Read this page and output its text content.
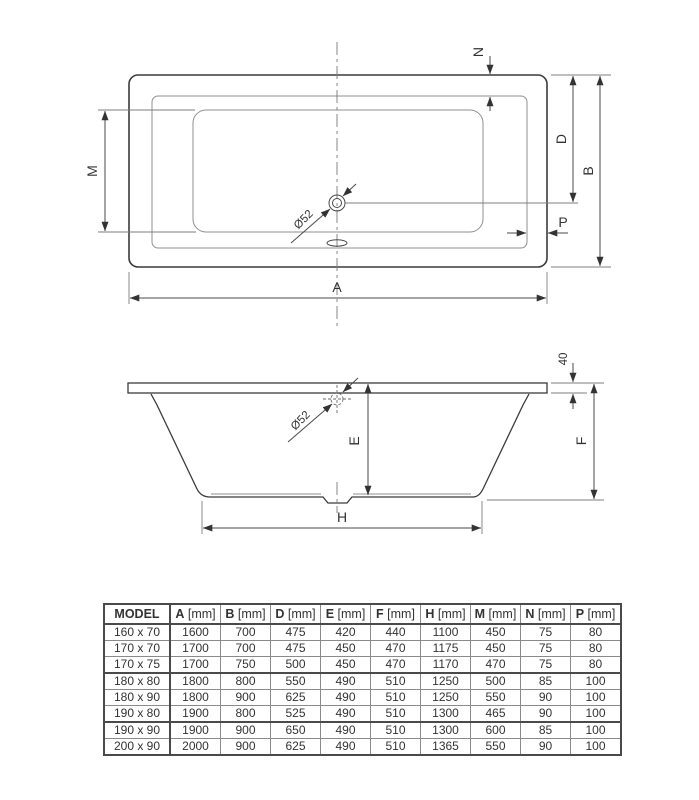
Ø52
A
B
D
M
N
P
Ø52
E
40
F
H
MODEL	A [mm]	B [mm]	D [mm]	E [mm]	F [mm]	H [mm]	M [mm]	N [mm]	P [mm]
160 x 70	1600	700	475	420	440	1100	450	75	80
170 x 70	1700	700	475	450	470	1175	450	75	80
170 x 75	1700	750	500	450	470	1170	470	75	80
180 x 80	1800	800	550	490	510	1250	500	85	100
180 x 90	1800	900	625	490	510	1250	550	90	100
190 x 80	1900	800	525	490	510	1300	465	90	100
190 x 90	1900	900	650	490	510	1300	600	85	100
200 x 90	2000	900	625	490	510	1365	550	90	100
